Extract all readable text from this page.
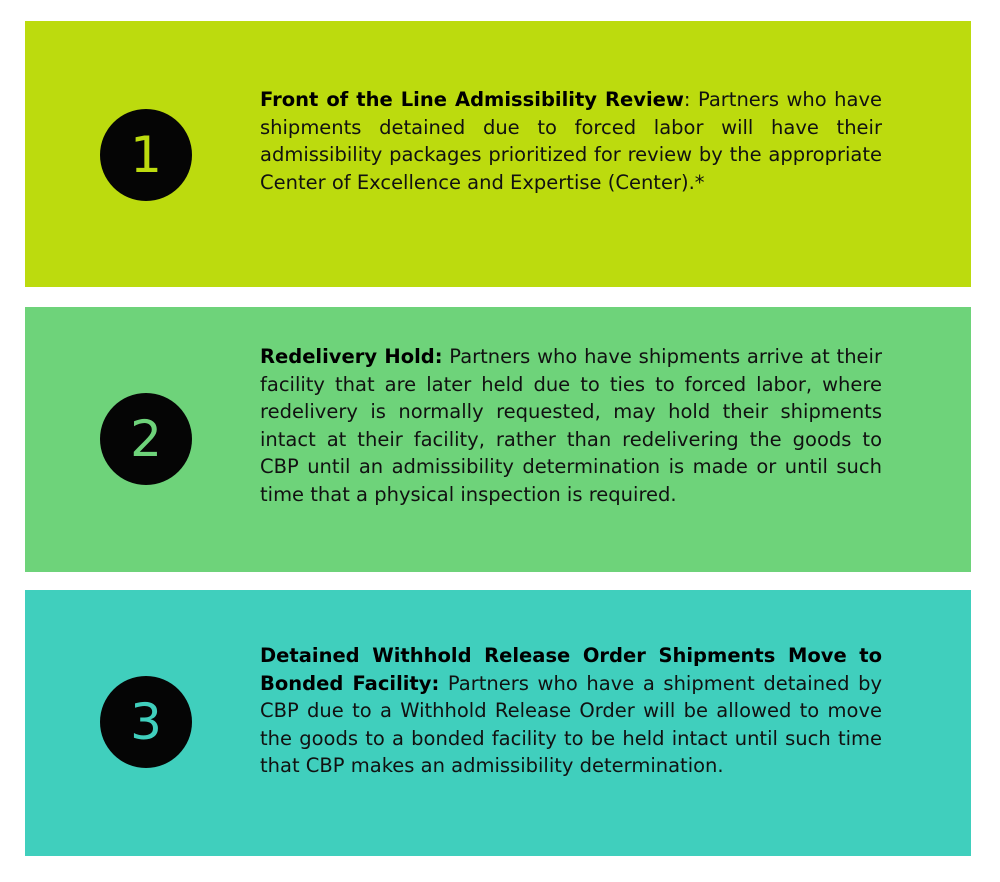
1

Front of the Line Admissibility Review: Partners who have shipments detained due to forced labor will have their admissibility packages prioritized for review by the appropriate Center of Excellence and Expertise (Center).*

2

Redelivery Hold: Partners who have shipments arrive at their facility that are later held due to ties to forced labor, where redelivery is normally requested, may hold their shipments intact at their facility, rather than redelivering the goods to CBP until an admissibility determination is made or until such time that a physical inspection is required.

3

Detained Withhold Release Order Shipments Move to Bonded Facility: Partners who have a shipment detained by CBP due to a Withhold Release Order will be allowed to move the goods to a bonded facility to be held intact until such time that CBP makes an admissibility determination.
